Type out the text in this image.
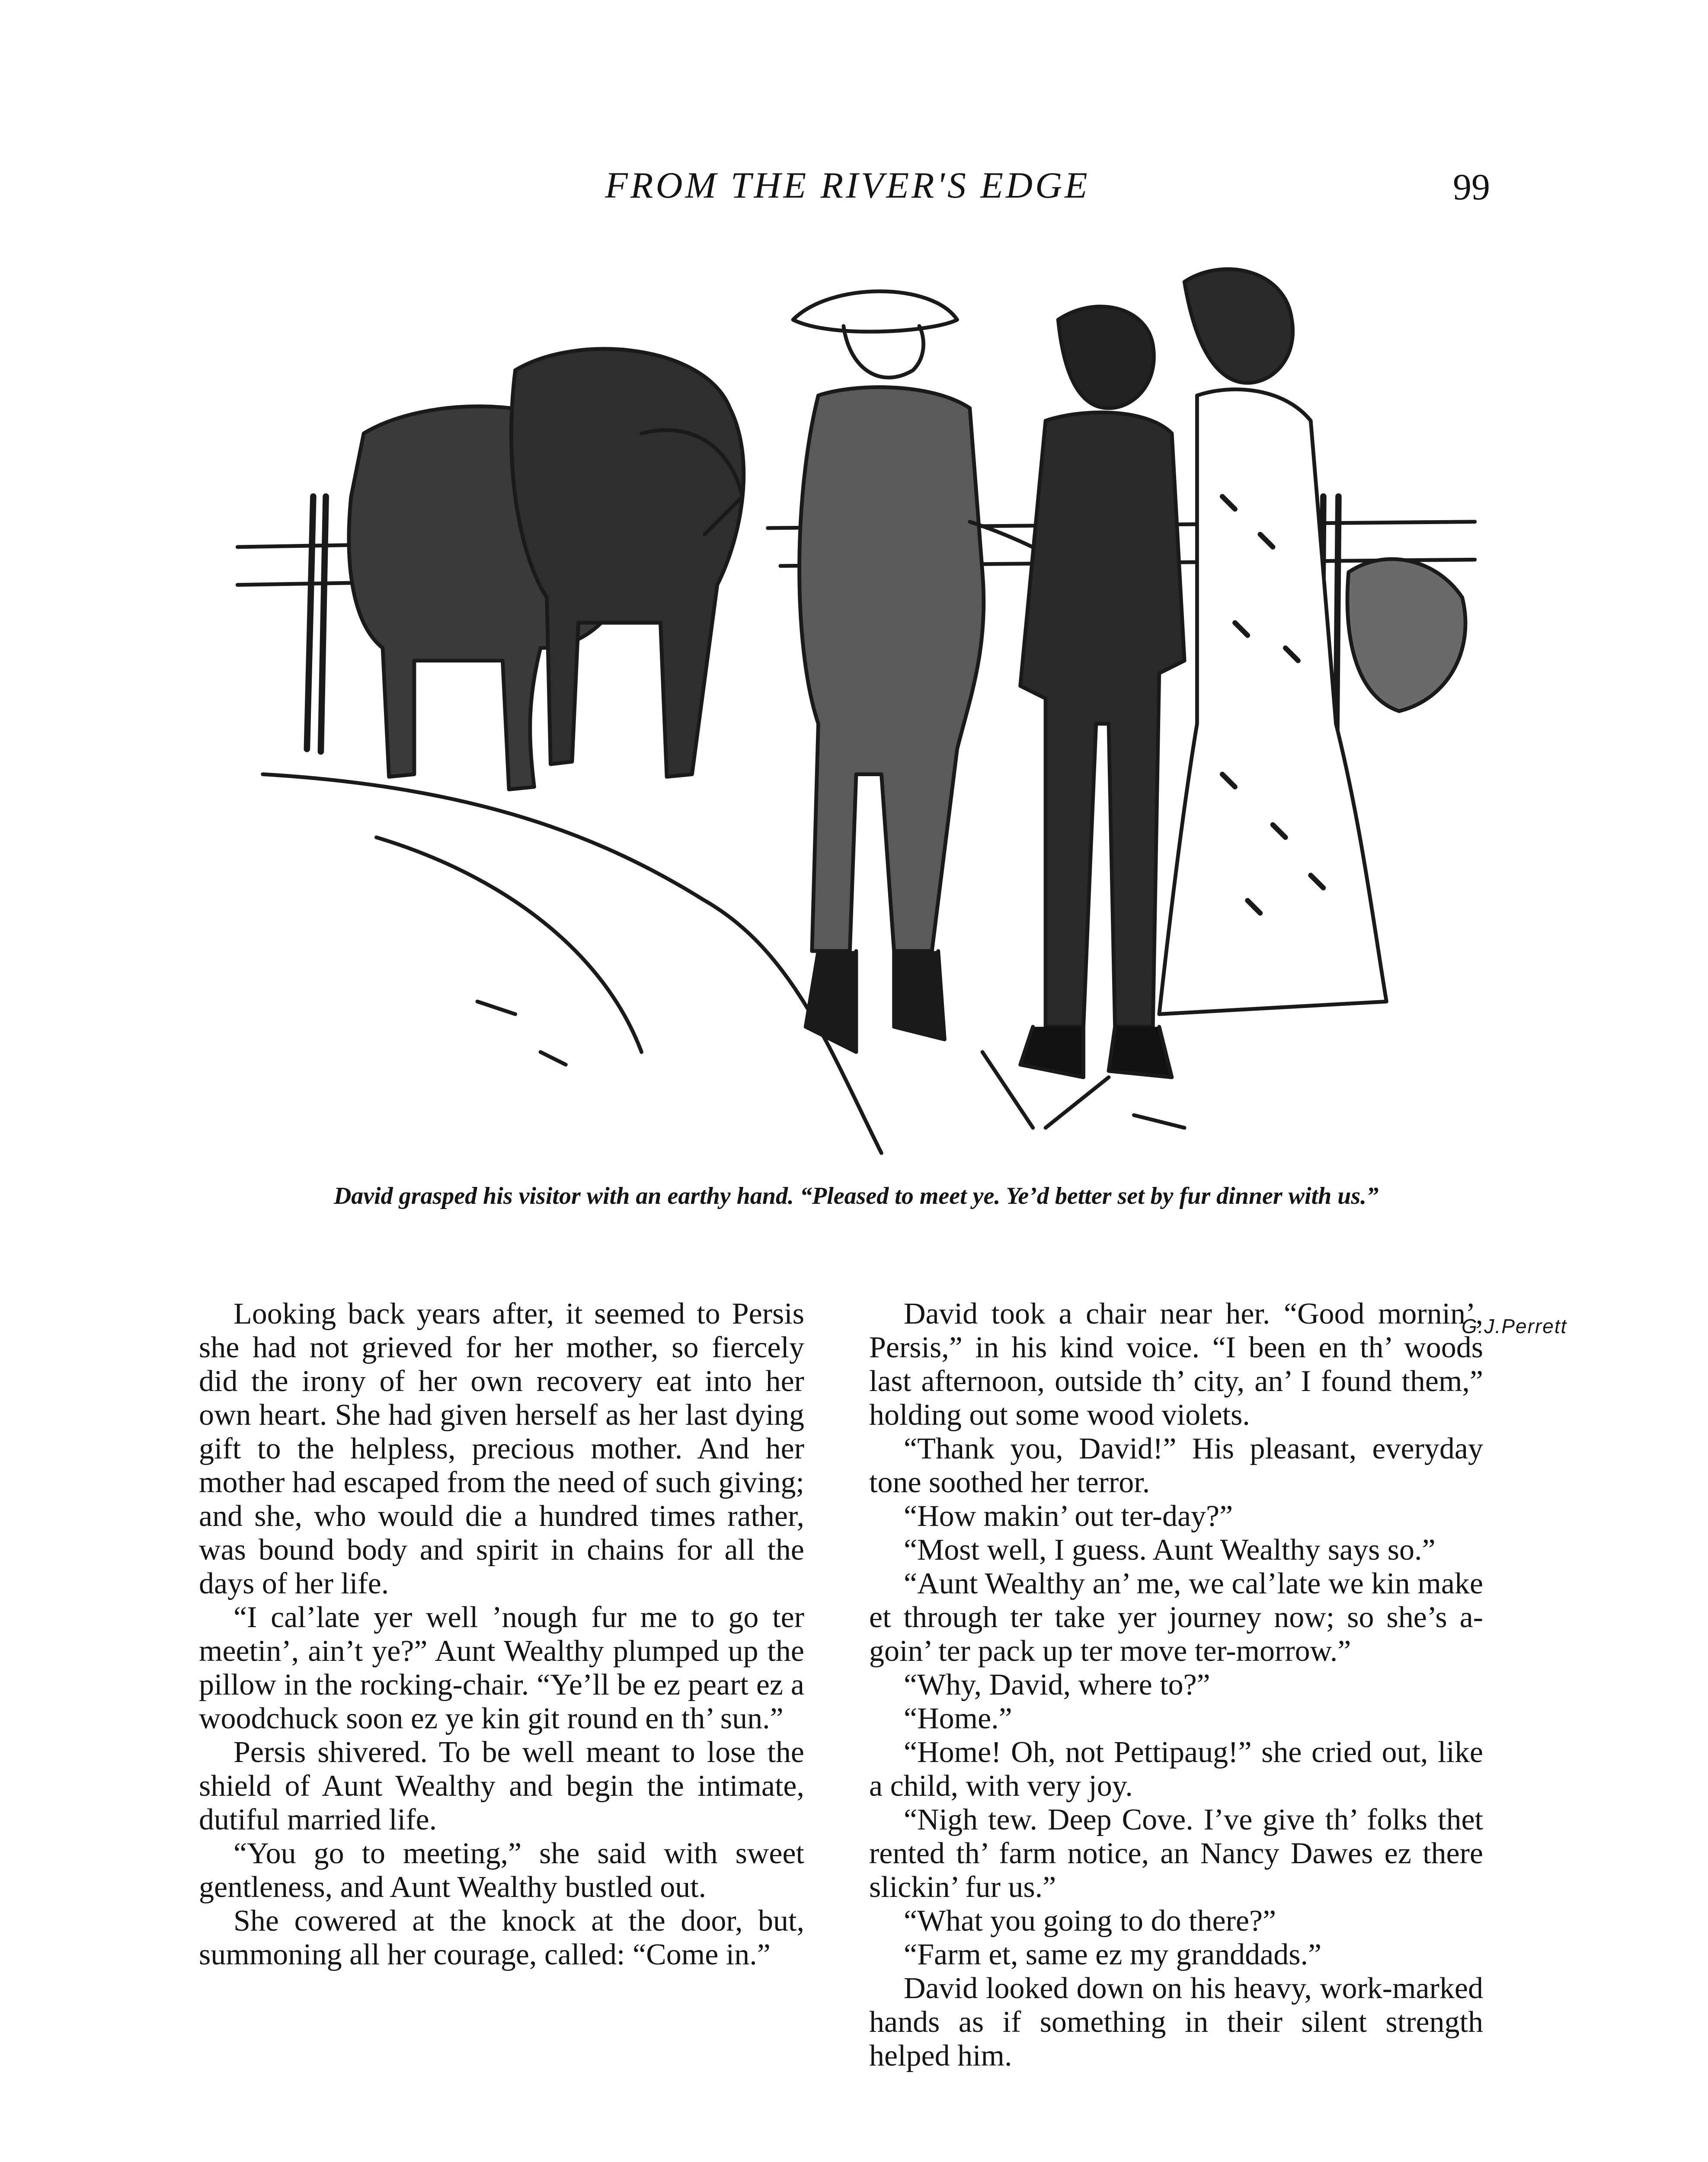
FROM THE RIVER'S EDGE	99
G.J.Perrett
David grasped his visitor with an earthy hand. “Pleased to meet ye. Ye’d better set by fur dinner with us.”

Looking back years after, it seemed to Persis she had not grieved for her mother, so fiercely did the irony of her own recovery eat into her own heart. She had given herself as her last dying gift to the helpless, precious mother. And her mother had escaped from the need of such giving; and she, who would die a hundred times rather, was bound body and spirit in chains for all the days of her life.

“I cal’late yer well ’nough fur me to go ter meetin’, ain’t ye?” Aunt Wealthy plumped up the pillow in the rocking-chair. “Ye’ll be ez peart ez a woodchuck soon ez ye kin git round en th’ sun.”

Persis shivered. To be well meant to lose the shield of Aunt Wealthy and begin the intimate, dutiful married life.

“You go to meeting,” she said with sweet gentleness, and Aunt Wealthy bustled out.

She cowered at the knock at the door, but, summoning all her courage, called: “Come in.”

David took a chair near her. “Good mornin’, Persis,” in his kind voice. “I been en th’ woods last afternoon, outside th’ city, an’ I found them,” holding out some wood violets.

“Thank you, David!” His pleasant, everyday tone soothed her terror.

“How makin’ out ter-day?”

“Most well, I guess. Aunt Wealthy says so.”

“Aunt Wealthy an’ me, we cal’late we kin make et through ter take yer journey now; so she’s a-goin’ ter pack up ter move ter-morrow.”

“Why, David, where to?”

“Home.”

“Home! Oh, not Pettipaug!” she cried out, like a child, with very joy.

“Nigh tew. Deep Cove. I’ve give th’ folks thet rented th’ farm notice, an Nancy Dawes ez there slickin’ fur us.”

“What you going to do there?”

“Farm et, same ez my granddads.”

David looked down on his heavy, work-marked hands as if something in their silent strength helped him.
